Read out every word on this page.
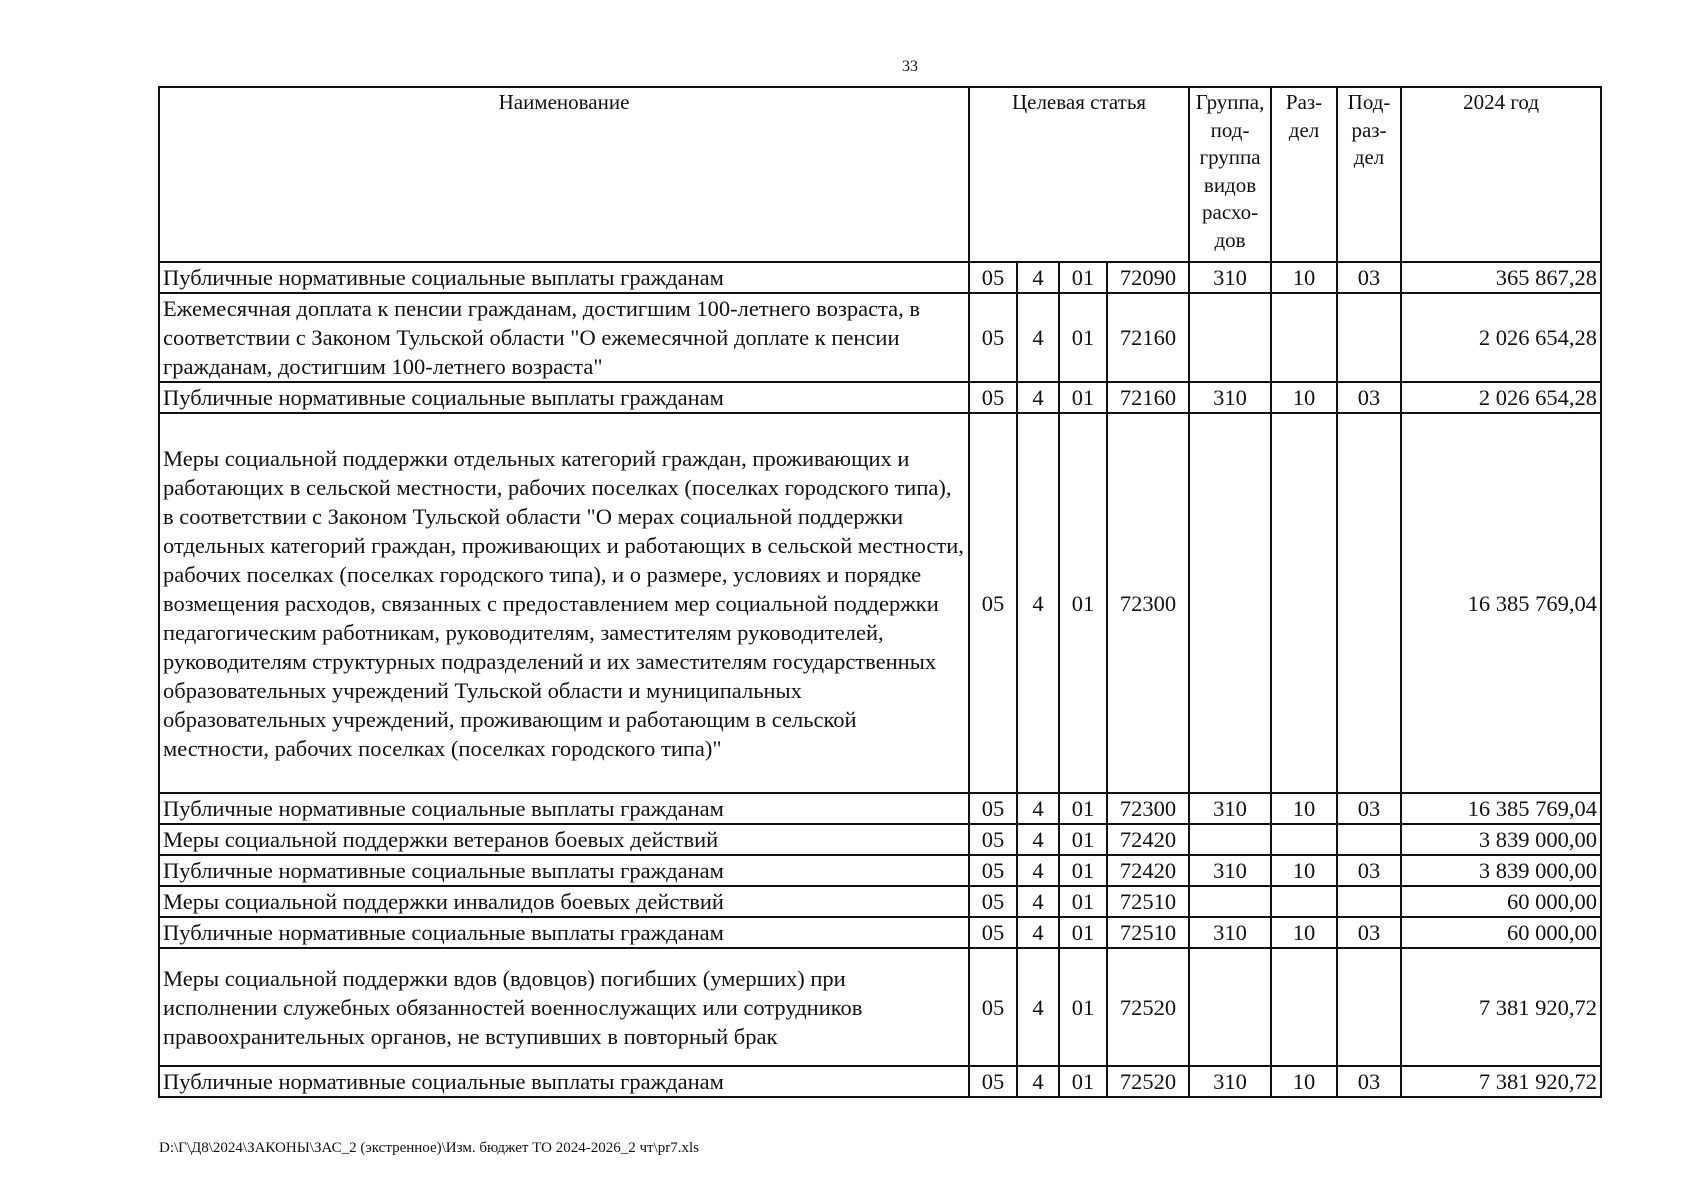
33
Наименование	Целевая статья				Группа, под- группа видов расхо- дов	Раз- дел	Под- раз- дел	2024 год
Публичные нормативные социальные выплаты гражданам	05	4	01	72090	310	10	03	365 867,28
Ежемесячная доплата к пенсии гражданам, достигшим 100-летнего возраста, в соответствии с Законом Тульской области "О ежемесячной доплате к пенсии гражданам, достигшим 100-летнего возраста"	05	4	01	72160				2 026 654,28
Публичные нормативные социальные выплаты гражданам	05	4	01	72160	310	10	03	2 026 654,28
Меры социальной поддержки отдельных категорий граждан, проживающих и работающих в сельской местности, рабочих поселках (поселках городского типа), в соответствии с Законом Тульской области "О мерах социальной поддержки отдельных категорий граждан, проживающих и работающих в сельской местности, рабочих поселках (поселках городского типа), и о размере, условиях и порядке возмещения расходов, связанных с предоставлением мер социальной поддержки педагогическим работникам, руководителям, заместителям руководителей, руководителям структурных подразделений и их заместителям государственных образовательных учреждений Тульской области и муниципальных образовательных учреждений, проживающим и работающим в сельской местности, рабочих поселках (поселках городского типа)"	05	4	01	72300				16 385 769,04
Публичные нормативные социальные выплаты гражданам	05	4	01	72300	310	10	03	16 385 769,04
Меры социальной поддержки ветеранов боевых действий	05	4	01	72420				3 839 000,00
Публичные нормативные социальные выплаты гражданам	05	4	01	72420	310	10	03	3 839 000,00
Меры социальной поддержки инвалидов боевых действий	05	4	01	72510				60 000,00
Публичные нормативные социальные выплаты гражданам	05	4	01	72510	310	10	03	60 000,00
Меры социальной поддержки вдов (вдовцов) погибших (умерших) при исполнении служебных обязанностей военнослужащих или сотрудников правоохранительных органов, не вступивших в повторный брак	05	4	01	72520				7 381 920,72
Публичные нормативные социальные выплаты гражданам	05	4	01	72520	310	10	03	7 381 920,72
D:\Г\Д8\2024\ЗАКОНЫ\ЗАС_2 (экстренное)\Изм. бюджет ТО 2024-2026_2 чт\pr7.xls
